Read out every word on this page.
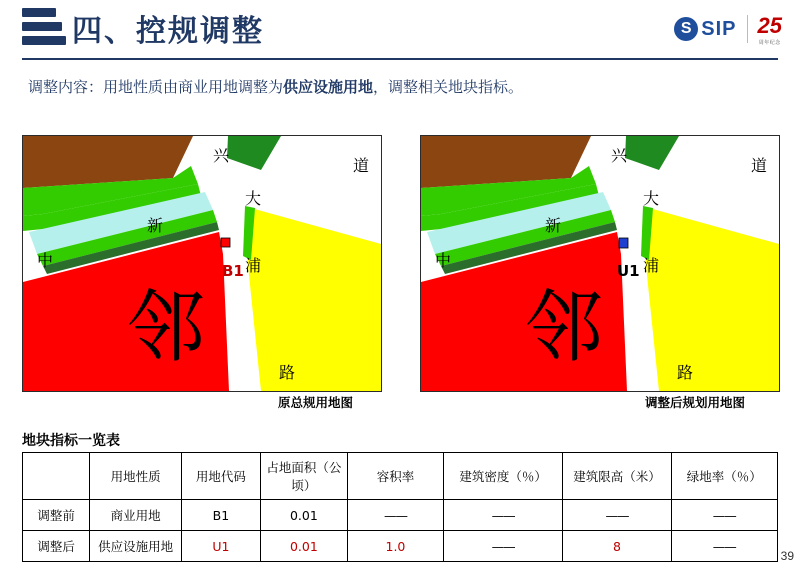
四、控规调整	S SIP 25
周年纪念
调整内容：用地性质由商业用地调整为供应设施用地，调整相关地块指标。
B1
邻
兴
道
大
新
浦
中
路
原总规用地图
U1
邻
兴
道
大
新
浦
中
路
调整后规划用地图
地块指标一览表
	用地性质	用地代码	占地面积（公顷）	容积率	建筑密度（％）	建筑限高（米）	绿地率（％）
调整前	商业用地	B1	0.01	——	——	——	——
调整后	供应设施用地	U1	0.01	1.0	——	8	——
39
